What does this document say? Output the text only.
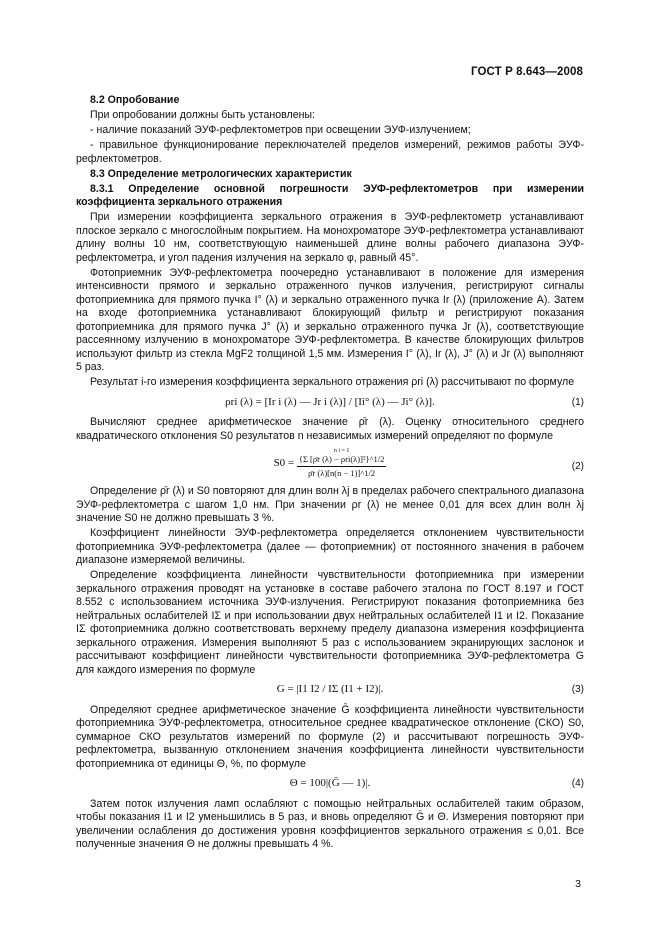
ГОСТ Р 8.643—2008
8.2 Опробование

При опробовании должны быть установлены:

- наличие показаний ЭУФ-рефлектометров при освещении ЭУФ-излучением;

- правильное функционирование переключателей пределов измерений, режимов работы ЭУФ-рефлектометров.

8.3 Определение метрологических характеристик
8.3.1 Определение основной погрешности ЭУФ-рефлектометров при измерении коэффициента зеркального отражения

При измерении коэффициента зеркального отражения в ЭУФ-рефлектометр устанавливают плоское зеркало с многослойным покрытием. На монохроматоре ЭУФ-рефлектометра устанавливают длину волны 10 нм, соответствующую наименьшей длине волны рабочего диапазона ЭУФ-рефлектометра, и угол падения излучения на зеркало φ, равный 45°.

Фотоприемник ЭУФ-рефлектометра поочередно устанавливают в положение для измерения интенсивности прямого и зеркально отраженного пучков излучения, регистрируют сигналы фотоприемника для прямого пучка I° (λ) и зеркально отраженного пучка Ir (λ) (приложение А). Затем на входе фотоприемника устанавливают блокирующий фильтр и регистрируют показания фотоприемника для прямого пучка J° (λ) и зеркально отраженного пучка Jr (λ), соответствующие рассеянному излучению в монохроматоре ЭУФ-рефлектометра. В качестве блокирующих фильтров используют фильтр из стекла MgF2 толщиной 1,5 мм. Измерения I° (λ), Ir (λ), J° (λ) и Jr (λ) выполняют 5 раз.

Результат i-го измерения коэффициента зеркального отражения ρri (λ) рассчитывают по формуле

ρri (λ) = [Ir i (λ) — Jr i (λ)] / [Ii° (λ) — Ji° (λ)].	(1)

Вычисляют среднее арифметическое значение ρ̄r (λ). Оценку относительного среднего квадратического отклонения S0 результатов n независимых измерений определяют по формуле

S0 =
n i = 1
{Σ [ρ̄r (λ) − ρri(λ)]²}^1/2
ρ̄r (λ)[n(n − 1)]^1/2
(2)

Определение ρ̄r (λ) и S0 повторяют для длин волн λj в пределах рабочего спектрального диапазона ЭУФ-рефлектометра с шагом 1,0 нм. При значении ρr (λ) не менее 0,01 для всех длин волн λj значение S0 не должно превышать 3 %.

Коэффициент линейности ЭУФ-рефлектометра определяется отклонением чувствительности фотоприемника ЭУФ-рефлектометра (далее — фотоприемник) от постоянного значения в рабочем диапазоне измеряемой величины.

Определение коэффициента линейности чувствительности фотоприемника при измерении зеркального отражения проводят на установке в составе рабочего эталона по ГОСТ 8.197 и ГОСТ 8.552 с использованием источника ЭУФ-излучения. Регистрируют показания фотоприемника без нейтральных ослабителей IΣ и при использовании двух нейтральных ослабителей I1 и I2. Показание IΣ фотоприемника должно соответствовать верхнему пределу диапазона измерения коэффициента зеркального отражения. Измерения выполняют 5 раз с использованием экранирующих заслонок и рассчитывают коэффициент линейности чувствительности фотоприемника ЭУФ-рефлектометра G для каждого измерения по формуле

G = |I1 I2 / IΣ (I1 + I2)|.	(3)

Определяют среднее арифметическое значение Ḡ коэффициента линейности чувствительности фотоприемника ЭУФ-рефлектометра, относительное среднее квадратическое отклонение (СКО) S0, суммарное СКО результатов измерений по формуле (2) и рассчитывают погрешность ЭУФ-рефлектометра, вызванную отклонением значения коэффициента линейности чувствительности фотоприемника от единицы Θ, %, по формуле

Θ = 100|(Ḡ — 1)|.	(4)

Затем поток излучения ламп ослабляют с помощью нейтральных ослабителей таким образом, чтобы показания I1 и I2 уменьшились в 5 раз, и вновь определяют Ḡ и Θ. Измерения повторяют при увеличении ослабления до достижения уровня коэффициентов зеркального отражения ≤ 0,01. Все полученные значения Θ не должны превышать 4 %.

3
